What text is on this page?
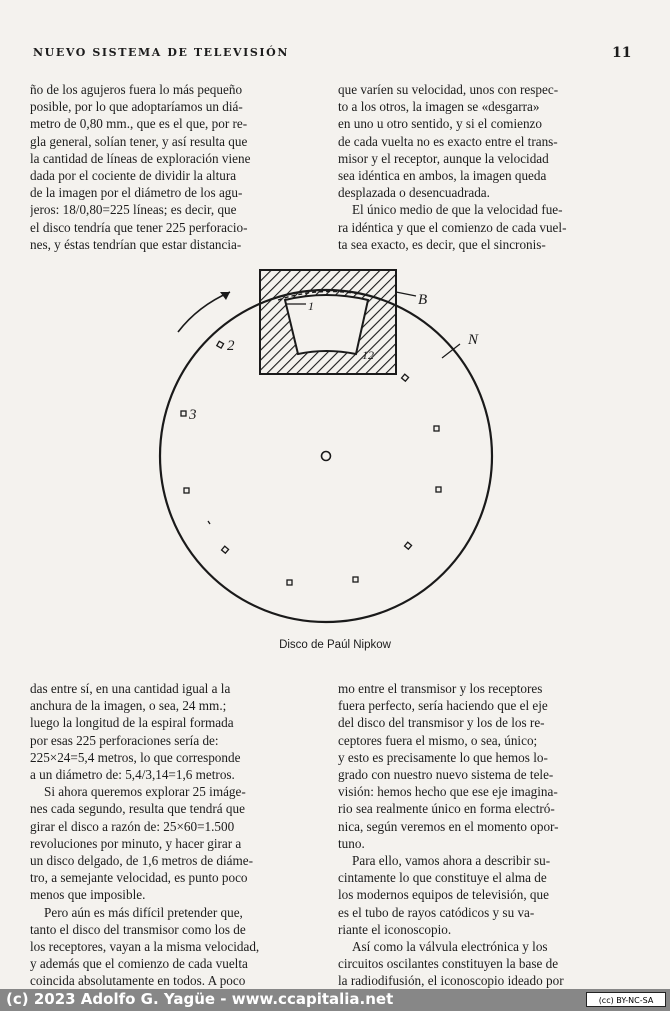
NUEVO SISTEMA DE TELEVISIÓN	11

ño de los agujeros fuera lo más pequeño
posible, por lo que adoptaríamos un diá-
metro de 0,80 mm., que es el que, por re-
gla general, solían tener, y así resulta que
la cantidad de líneas de exploración viene
dada por el cociente de dividir la altura
de la imagen por el diámetro de los agu-
jeros: 18/0,80=225 líneas; es decir, que
el disco tendría que tener 225 perforacio-
nes, y éstas tendrían que estar distancia-

que varíen su velocidad, unos con respec-
to a los otros, la imagen se «desgarra»
en uno u otro sentido, y si el comienzo
de cada vuelta no es exacto entre el trans-
misor y el receptor, aunque la velocidad
sea idéntica en ambos, la imagen queda
desplazada o desencuadrada.

El único medio de que la velocidad fue-
ra idéntica y que el comienzo de cada vuel-
ta sea exacto, es decir, que el sincronis-

1	B
12
N
2
3
Disco de Paúl Nipkow

das entre sí, en una cantidad igual a la
anchura de la imagen, o sea, 24 mm.;
luego la longitud de la espiral formada
por esas 225 perforaciones sería de:
225×24=5,4 metros, lo que corresponde
a un diámetro de: 5,4/3,14=1,6 metros.

Si ahora queremos explorar 25 imáge-
nes cada segundo, resulta que tendrá que
girar el disco a razón de: 25×60=1.500
revoluciones por minuto, y hacer girar a
un disco delgado, de 1,6 metros de diáme-
tro, a semejante velocidad, es punto poco
menos que imposible.

Pero aún es más difícil pretender que,
tanto el disco del transmisor como los de
los receptores, vayan a la misma velocidad,
y además que el comienzo de cada vuelta
coincida absolutamente en todos. A poco

mo entre el transmisor y los receptores
fuera perfecto, sería haciendo que el eje
del disco del transmisor y los de los re-
ceptores fuera el mismo, o sea, único;
y esto es precisamente lo que hemos lo-
grado con nuestro nuevo sistema de tele-
visión: hemos hecho que ese eje imagina-
rio sea realmente único en forma electró-
nica, según veremos en el momento opor-
tuno.

Para ello, vamos ahora a describir su-
cintamente lo que constituye el alma de
los modernos equipos de televisión, que
es el tubo de rayos catódicos y su va-
riante el iconoscopio.

Así como la válvula electrónica y los
circuitos oscilantes constituyen la base de
la radiodifusión, el iconoscopio ideado por

(c) 2023 Adolfo G. Yagüe - www.ccapitalia.net	(cc) BY-NC-SA
